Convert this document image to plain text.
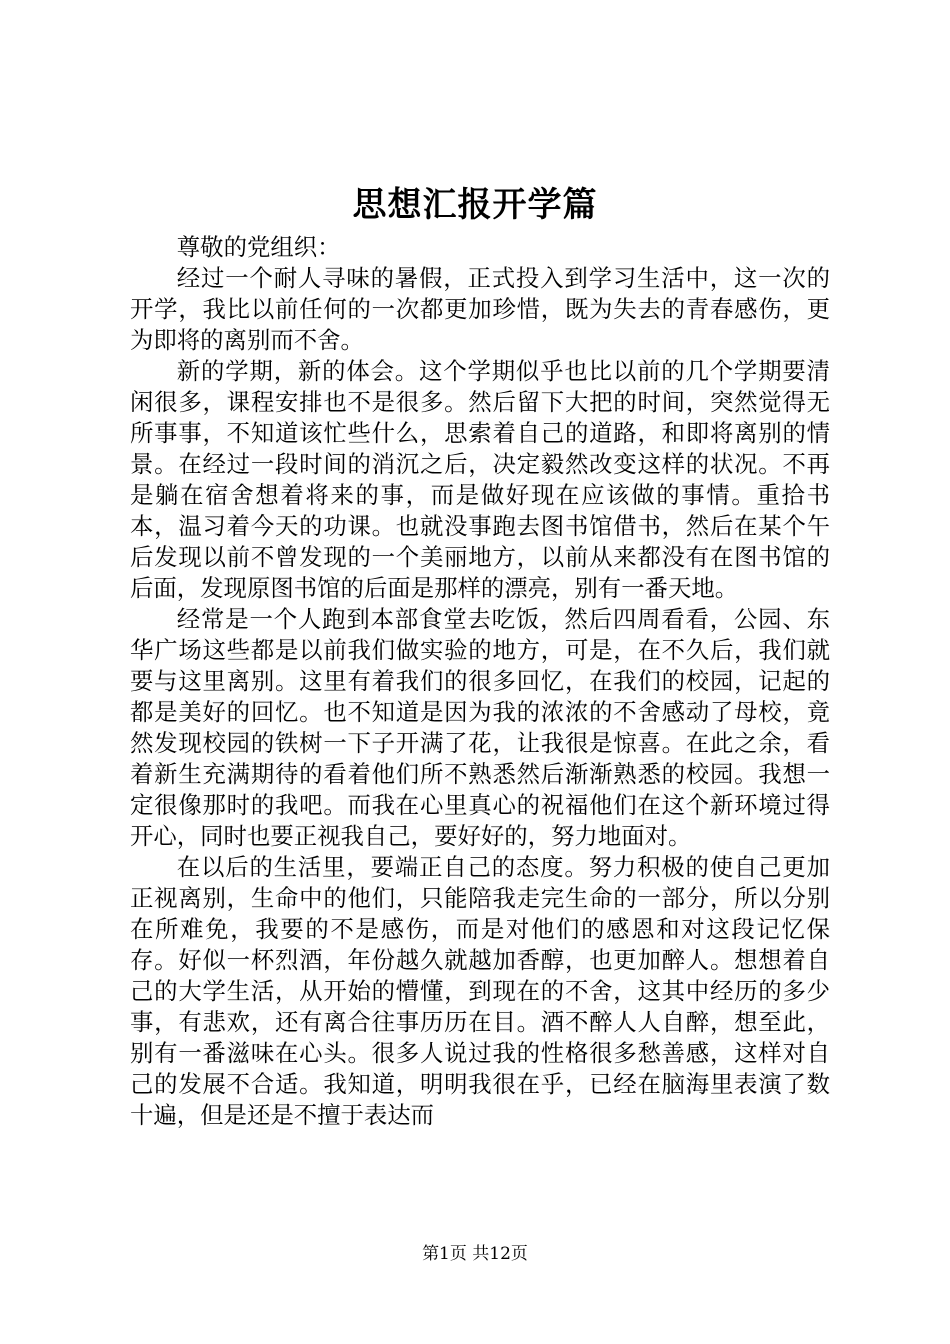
思想汇报开学篇

尊敬的党组织：

经过一个耐人寻味的暑假，正式投入到学习生活中，这一次的开学，我比以前任何的一次都更加珍惜，既为失去的青春感伤，更为即将的离别而不舍。

新的学期，新的体会。这个学期似乎也比以前的几个学期要清闲很多，课程安排也不是很多。然后留下大把的时间，突然觉得无所事事，不知道该忙些什么，思索着自己的道路，和即将离别的情景。在经过一段时间的消沉之后，决定毅然改变这样的状况。不再是躺在宿舍想着将来的事，而是做好现在应该做的事情。重拾书本，温习着今天的功课。也就没事跑去图书馆借书，然后在某个午后发现以前不曾发现的一个美丽地方，以前从来都没有在图书馆的后面，发现原图书馆的后面是那样的漂亮，别有一番天地。

经常是一个人跑到本部食堂去吃饭，然后四周看看，公园、东华广场这些都是以前我们做实验的地方，可是，在不久后，我们就要与这里离别。这里有着我们的很多回忆，在我们的校园，记起的都是美好的回忆。也不知道是因为我的浓浓的不舍感动了母校，竟然发现校园的铁树一下子开满了花，让我很是惊喜。在此之余，看着新生充满期待的看着他们所不熟悉然后渐渐熟悉的校园。我想一定很像那时的我吧。而我在心里真心的祝福他们在这个新环境过得开心，同时也要正视我自己，要好好的，努力地面对。

在以后的生活里，要端正自己的态度。努力积极的使自己更加正视离别，生命中的他们，只能陪我走完生命的一部分，所以分别在所难免，我要的不是感伤，而是对他们的感恩和对这段记忆保存。好似一杯烈酒，年份越久就越加香醇，也更加醉人。想想着自己的大学生活，从开始的懵懂，到现在的不舍，这其中经历的多少事，有悲欢，还有离合往事历历在目。酒不醉人人自醉，想至此，别有一番滋味在心头。很多人说过我的性格很多愁善感，这样对自己的发展不合适。我知道，明明我很在乎，已经在脑海里表演了数十遍，但是还是不擅于表达而

第1页 共12页
